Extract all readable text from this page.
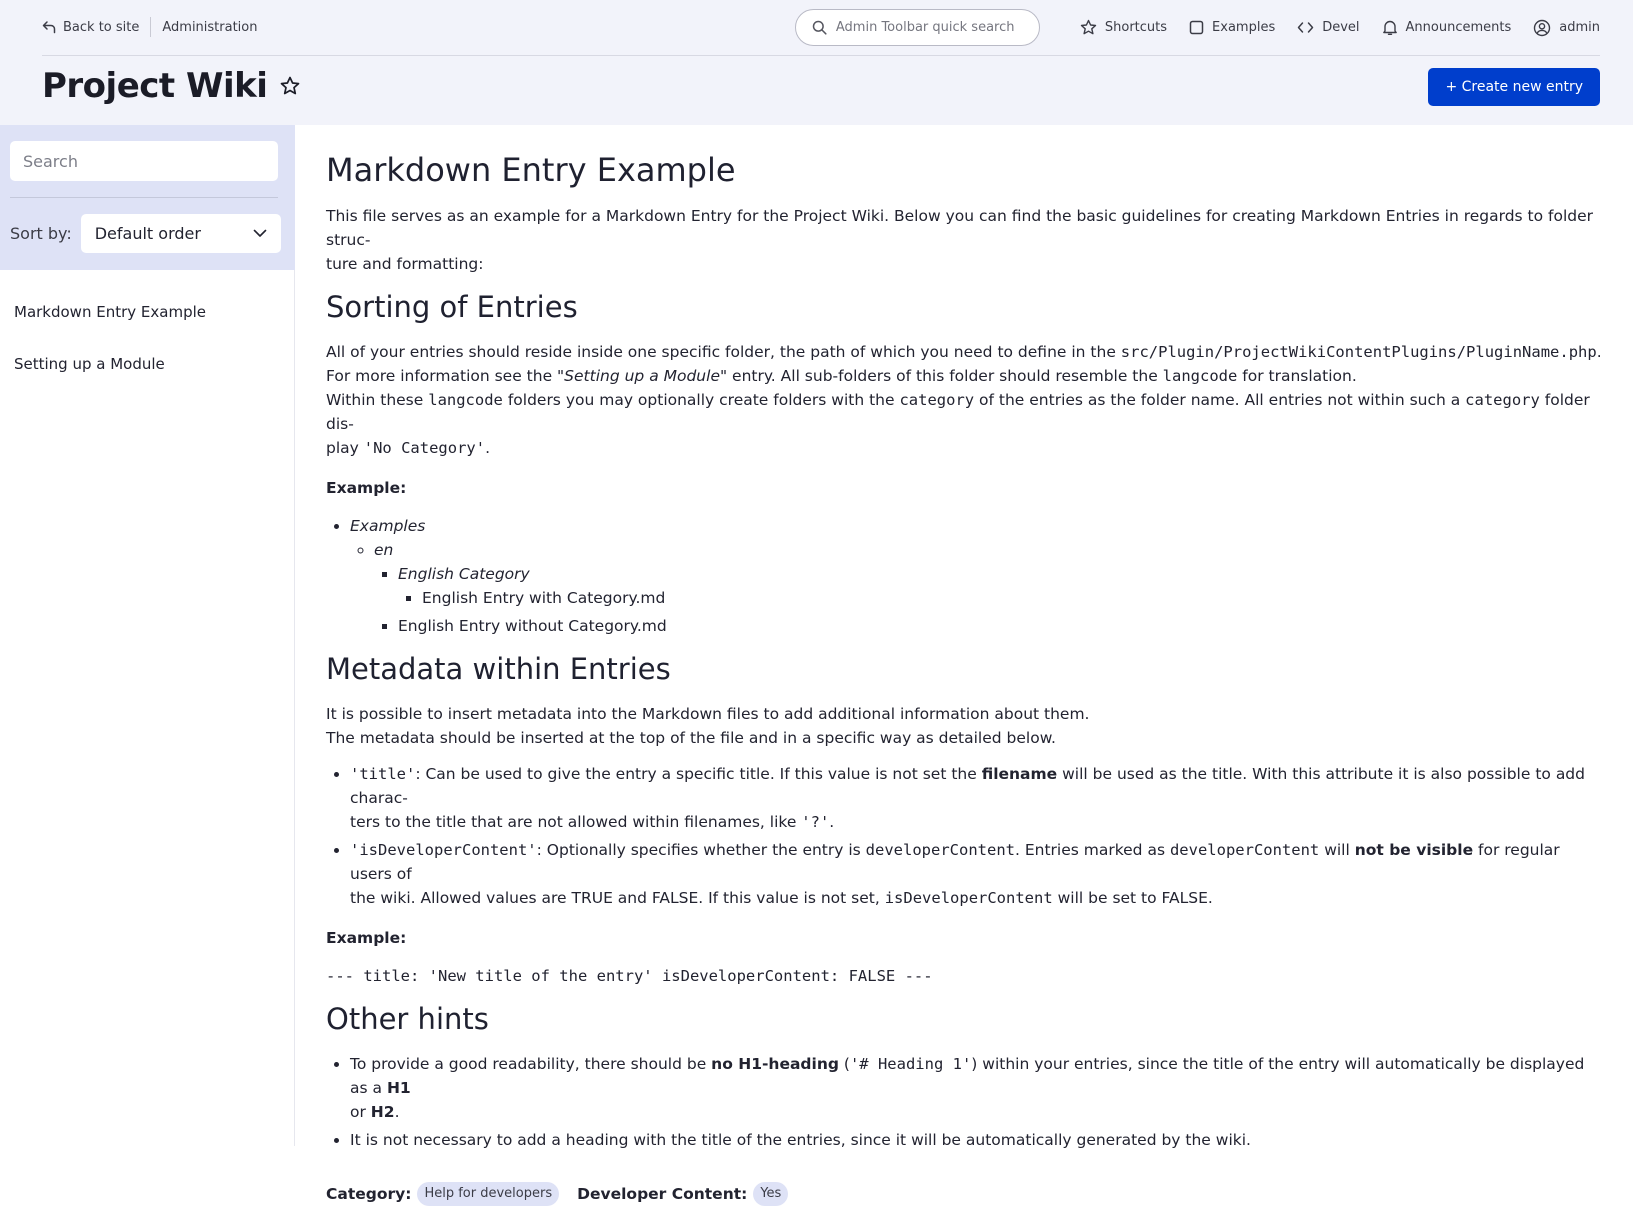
Back to site Administration	Admin Toolbar quick search	Shortcuts	Examples	Devel	Announcements	admin
Project Wiki	+ Create new entry
Search
Sort by: Default order
Markdown Entry Example
Setting up a Module
Markdown Entry Example

This file serves as an example for a Markdown Entry for the Project Wiki. Below you can find the basic guidelines for creating Markdown Entries in regards to folder struc-
ture and formatting:

Sorting of Entries

All of your entries should reside inside one specific folder, the path of which you need to define in the src/Plugin/ProjectWikiContentPlugins/PluginName.php.
For more information see the "Setting up a Module" entry. All sub-folders of this folder should resemble the langcode for translation.
Within these langcode folders you may optionally create folders with the category of the entries as the folder name. All entries not within such a category folder dis-
play 'No Category'.

Example:
• Examples
◦ en
▪ English Category
▪ English Entry with Category.md
▪ English Entry without Category.md
Metadata within Entries

It is possible to insert metadata into the Markdown files to add additional information about them.
The metadata should be inserted at the top of the file and in a specific way as detailed below.

• 'title': Can be used to give the entry a specific title. If this value is not set the filename will be used as the title. With this attribute it is also possible to add charac-
ters to the title that are not allowed within filenames, like '?'.
• 'isDeveloperContent': Optionally specifies whether the entry is developerContent. Entries marked as developerContent will not be visible for regular users of
the wiki. Allowed values are TRUE and FALSE. If this value is not set, isDeveloperContent will be set to FALSE.
Example:
--- title: 'New title of the entry' isDeveloperContent: FALSE ---
Other hints
• To provide a good readability, there should be no H1-heading ('# Heading 1') within your entries, since the title of the entry will automatically be displayed as a H1
or H2.
• It is not necessary to add a heading with the title of the entries, since it will be automatically generated by the wiki.
Category:	Help for developers	Developer Content:	Yes
